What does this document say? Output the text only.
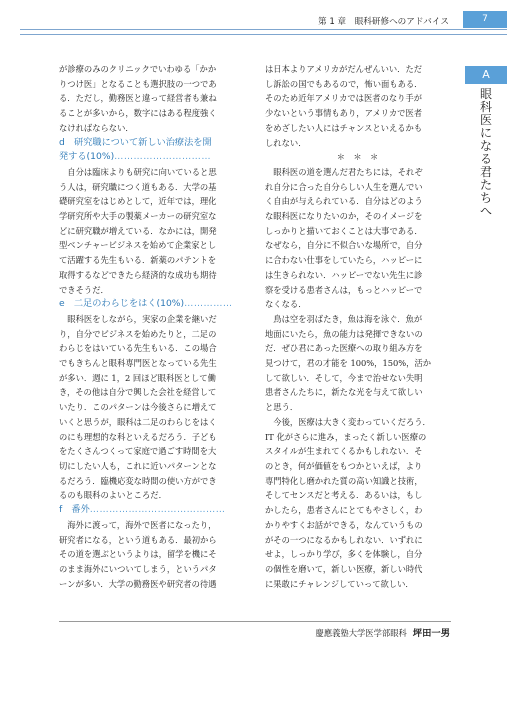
第 1 章　眼科研修へのアドバイス	7
A
眼
科
医
に
な
る
君
た
ち
へ
が診療のみのクリニックでいわゆる「かか
りつけ医」となることも選択肢の一つであ
る．ただし，勤務医と違って経営者も兼ね
ることが多いから，数字にはある程度強く
なければならない．
d　研究職について新しい治療法を開
発する(10%)…………………………
　自分は臨床よりも研究に向いていると思
う人は，研究職につく道もある．大学の基
礎研究室をはじめとして，近年では，理化
学研究所や大手の製薬メーカーの研究室な
どに研究職が増えている．なかには，開発
型ベンチャービジネスを始めて企業家とし
て活躍する先生もいる．新薬のパテントを
取得するなどできたら経済的な成功も期待
できそうだ．
e　二足のわらじをはく(10%)……………
　眼科医をしながら，実家の企業を継いだ
り，自分でビジネスを始めたりと，二足の
わらじをはいている先生もいる．この場合
でもきちんと眼科専門医となっている先生
が多い．週に 1，2 回ほど眼科医として働
き，その他は自分で興した会社を経営して
いたり．このパターンは今後さらに増えて
いくと思うが，眼科は二足のわらじをはく
のにも理想的な科といえるだろう．子ども
をたくさんつくって家庭で過ごす時間を大
切にしたい人も，これに近いパターンとな
るだろう．臨機応変な時間の使い方ができ
るのも眼科のよいところだ．
f　番外……………………………………
　海外に渡って，海外で医者になったり，
研究者になる，という道もある．最初から
その道を選ぶというよりは，留学を機にそ
のまま海外にいついてしまう，というパタ
ーンが多い．大学の勤務医や研究者の待遇
は日本よりアメリカがだんぜんいい．ただ
し訴訟の国でもあるので，怖い面もある．
そのため近年アメリカでは医者のなり手が
少ないという事情もあり，アメリカで医者
をめざしたい人にはチャンスといえるかも
しれない．
＊　＊　＊
　眼科医の道を選んだ君たちには，それぞ
れ自分に合った自分らしい人生を選んでい
く自由が与えられている．自分はどのよう
な眼科医になりたいのか，そのイメージを
しっかりと描いておくことは大事である．
なぜなら，自分に不似合いな場所で，自分
に合わない仕事をしていたら，ハッピーに
は生きられない．ハッピーでない先生に診
察を受ける患者さんは，もっとハッピーで
なくなる．
　鳥は空を羽ばたき，魚は海を泳ぐ．魚が
地面にいたら，魚の能力は発揮できないの
だ．ぜひ君にあった医療への取り組み方を
見つけて，君の才能を 100%，150%，活か
して欲しい．そして，今まで治せない失明
患者さんたちに，新たな光を与えて欲しい
と思う．
　今後，医療は大きく変わっていくだろう．
IT 化がさらに進み，まったく新しい医療の
スタイルが生まれてくるかもしれない．そ
のとき，何が価値をもつかといえば，より
専門特化し磨かれた質の高い知識と技術，
そしてセンスだと考える．あるいは，もし
かしたら，患者さんにとてもやさしく，わ
かりやすくお話ができる，なんていうもの
がその一つになるかもしれない．いずれに
せよ，しっかり学び，多くを体験し，自分
の個性を磨いて，新しい医療，新しい時代
に果敢にチャレンジしていって欲しい．
慶應義塾大学医学部眼科 坪田一男
